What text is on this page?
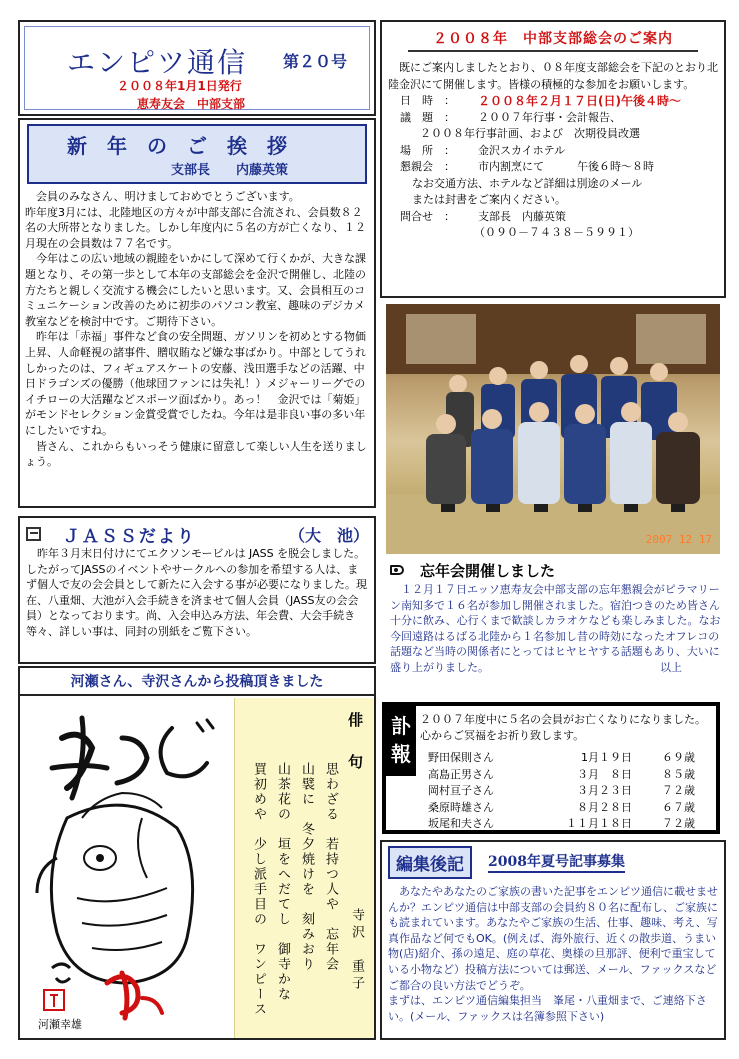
エンピツ通信 第２０号
２００８年1月1日発行
恵寿友会　中部支部
新　年　の　ご　挨　拶
支部長　　内藤英策

会員のみなさん、明けましておめでとうございます。

昨年度3月には、北陸地区の方々が中部支部に合流され、会員数８２名の大所帯となりました。しかし年度内に５名の方が亡くなり、１２月現在の会員数は７７名です。

今年はこの広い地域の親睦をいかにして深めて行くかが、大きな課題となり、その第一歩として本年の支部総会を金沢で開催し、北陸の方たちと親しく交流する機会にしたいと思います。又、会員相互のコミュニケーション改善のために初歩のパソコン教室、趣味のデジカメ教室などを検討中です。ご期待下さい。

昨年は「赤福」事件など食の安全問題、ガソリンを初めとする物価上昇、人命軽視の諸事件、贈収賄など嫌な事ばかり。中部としてうれしかったのは、フィギュアスケートの安藤、浅田選手などの活躍、中日ドラゴンズの優勝（他球団ファンには失礼！）メジャーリーグでのイチローの大活躍などスポーツ面ばかり。あっ！　金沢では「菊姫」がモンドセレクション金賞受賞でしたね。今年は是非良い事の多い年にしたいですね。

皆さん、これからもいっそう健康に留意して楽しい人生を送りましょう。

ＪＡＳＳだより	（大　池）

昨年３月末日付けにてエクソンモービルは JASS を脱会しました。したがってJASSのイベントやサークルへの参加を希望する人は、まず個人で友の会会員として新たに入会する事が必要になりました。現在、八重畑、大池が入会手続きを済ませて個人会員（JASS友の会会員）となっております。尚、入会申込み方法、年会費、大会手続き等々、詳しい事は、同封の別紙をご覧下さい。

河瀬さん、寺沢さんから投稿頂きました
河瀬幸雄
俳　句
思わざる　若持つ人や　忘年会
山襞に　冬夕焼けを　刻みおり
山茶花の　垣をへだてし　御寺かな
買初めや　少し派手目の　ワンピース	寺沢　重子
２００８年　中部支部総会のご案内

既にご案内しましたとおり、０８年度支部総会を下記のとおり北陸金沢にて開催します。皆様の積極的な参加をお願いします。

日　時　：	２００８年２月１７日(日)午後４時～
議　題　：	２００７年行事・会計報告、
２００８年行事計画、および　次期役員改選
場　所　：	金沢スカイホテル
懇親会　：	市内割烹にて　　　午後６時～８時
なお交通方法、ホテルなど詳細は別途のメール
または封書をご案内ください。
問合せ　：	支部長　内藤英策
（０９０－７４３８－５９９１）
2007 12 17
忘年会開催しました

１２月１７日エッソ恵寿友会中部支部の忘年懇親会がピラマリーン南知多で１６名が参加し開催されました。宿泊つきのため皆さん十分に飲み、心行くまで歓談しカラオケなども楽しみました。なお今回遠路はるばる北陸から１名参加し昔の時効になったオフレコの話題など当時の関係者にとってはヒヤヒヤする話題もあり、大いに盛り上がりました。	以上
訃
報
２００７年度中に５名の会員がお亡くなりになりました。心からご冥福をお祈り致します。
野田保則さん	1月１９日	６９歳
高島正男さん	３月　８日	８５歳
岡村亘子さん	３月２３日	７２歳
桑原時雄さん	８月２８日	６７歳
坂尾和夫さん	１１月１８日	７２歳
編集後記	2008年夏号記事募集

あなたやあなたのご家族の書いた記事をエンピツ通信に載せませんか？エンピツ通信は中部支部の会員約８０名に配布し、ご家族にも読まれています。あなたやご家族の生活、仕事、趣味、考え、写真作品など何でもOK。(例えば、海外旅行、近くの散歩道、うまい物(店)紹介、孫の遠足、庭の草花、奥様の旦那評、便利で重宝している小物など）投稿方法については郵送、メール、ファックスなどご都合の良い方法でどうぞ。

まずは、エンピツ通信編集担当　峯尾・八重畑まで、ご連絡下さい。(メール、ファックスは名簿参照下さい)
